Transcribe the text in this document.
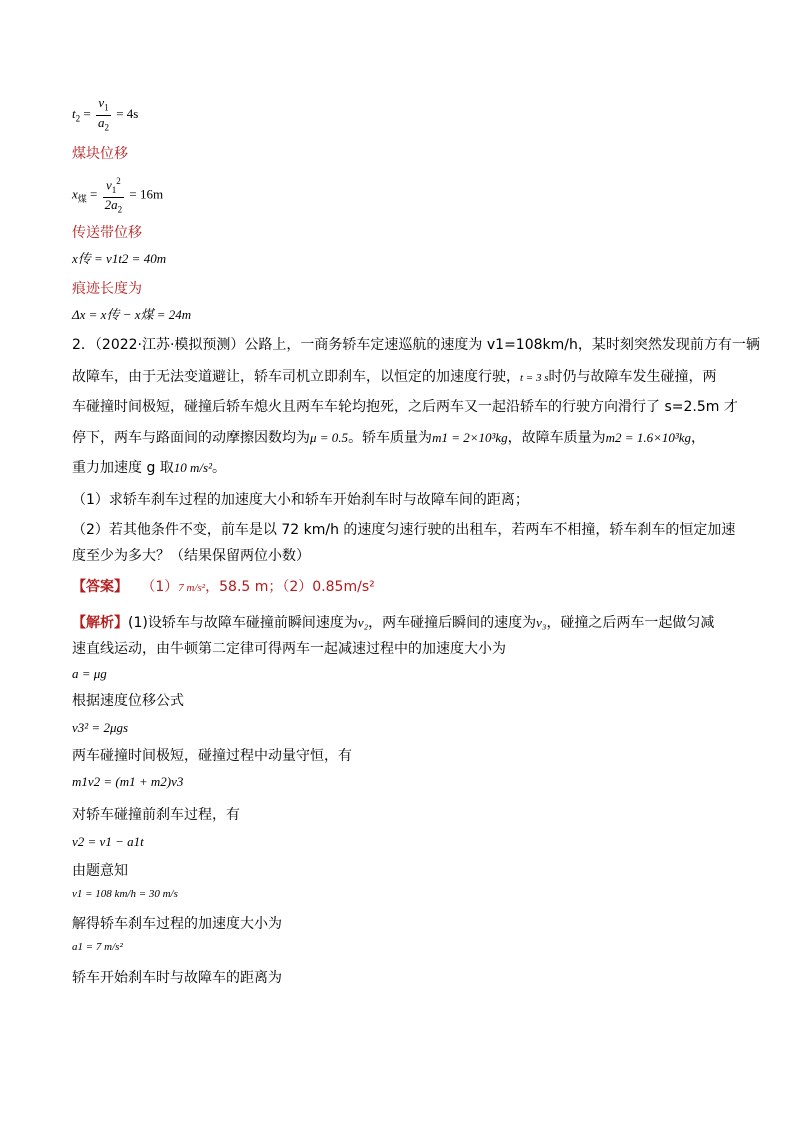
$t_2 = \frac{v_1}{a_2} = 4s$
煤块位移
$x_煤 = \frac{v_1^2}{2a_2} = 16m$
传送带位移
x传 = v1t2 = 40m
痕迹长度为
Δx = x传 − x煤 = 24m
2．（2022·江苏·模拟预测）公路上，一商务轿车定速巡航的速度为 v1=108km/h，某时刻突然发现前方有一辆
故障车，由于无法变道避让，轿车司机立即刹车，以恒定的加速度行驶，t = 3 s时仍与故障车发生碰撞，两
车碰撞时间极短，碰撞后轿车熄火且两车车轮均抱死，之后两车又一起沿轿车的行驶方向滑行了 s=2.5m 才
停下，两车与路面间的动摩擦因数均为μ = 0.5。轿车质量为m1 = 2×10³kg，故障车质量为m2 = 1.6×10³kg，
重力加速度 g 取10 m/s²。
（1）求轿车刹车过程的加速度大小和轿车开始刹车时与故障车间的距离；
（2）若其他条件不变，前车是以 72 km/h 的速度匀速行驶的出租车，若两车不相撞，轿车刹车的恒定加速
度至少为多大？（结果保留两位小数）
【答案】 （1）7 m/s²，58.5 m；（2）0.85m/s²
【解析】(1)设轿车与故障车碰撞前瞬间速度为v₂，两车碰撞后瞬间的速度为v₃，碰撞之后两车一起做匀减
速直线运动，由牛顿第二定律可得两车一起减速过程中的加速度大小为
a = μg
根据速度位移公式
v3² = 2μgs
两车碰撞时间极短，碰撞过程中动量守恒，有
m1v2 = (m1 + m2)v3
对轿车碰撞前刹车过程，有
v2 = v1 − a1t
由题意知
v1 = 108 km/h = 30 m/s
解得轿车刹车过程的加速度大小为
a1 = 7 m/s²
轿车开始刹车时与故障车的距离为
